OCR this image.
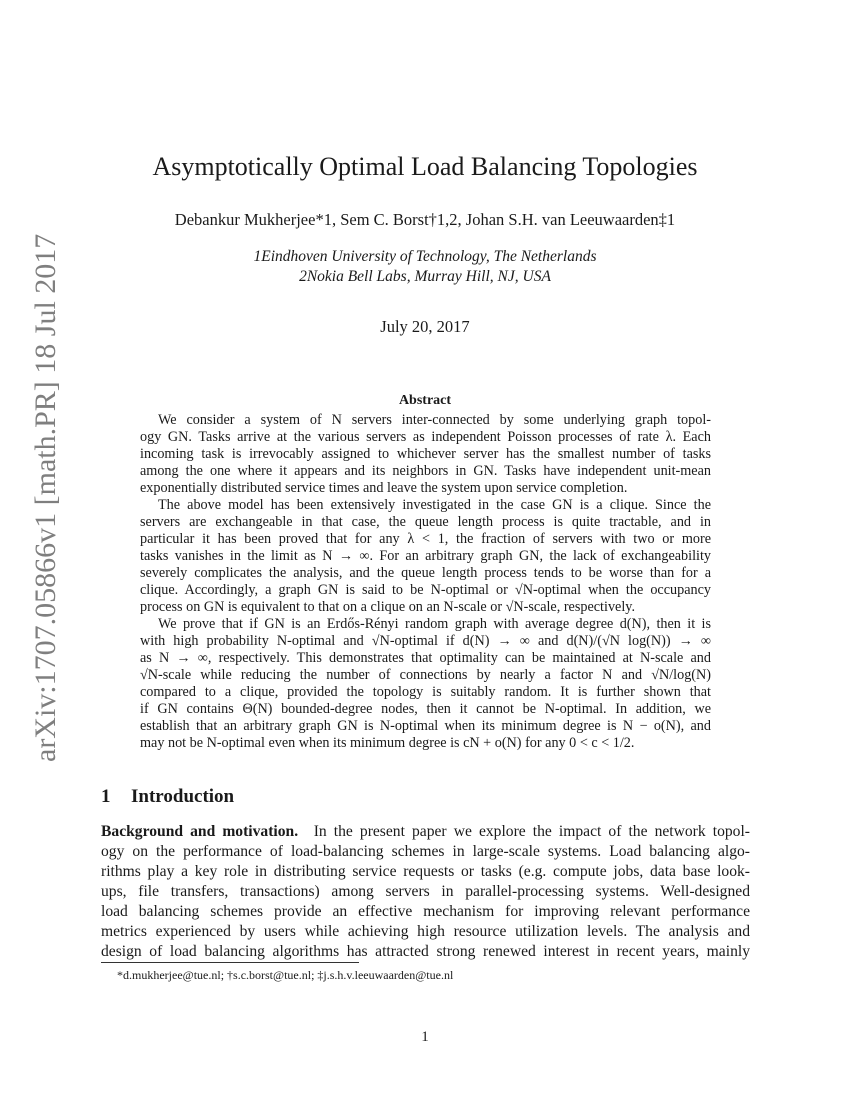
arXiv:1707.05866v1 [math.PR] 18 Jul 2017
Asymptotically Optimal Load Balancing Topologies
Debankur Mukherjee*1, Sem C. Borst†1,2, Johan S.H. van Leeuwaarden‡1
1Eindhoven University of Technology, The Netherlands
2Nokia Bell Labs, Murray Hill, NJ, USA
July 20, 2017
Abstract
We consider a system of N servers inter-connected by some underlying graph topol-
ogy GN. Tasks arrive at the various servers as independent Poisson processes of rate λ. Each
incoming task is irrevocably assigned to whichever server has the smallest number of tasks
among the one where it appears and its neighbors in GN. Tasks have independent unit-mean
exponentially distributed service times and leave the system upon service completion.
The above model has been extensively investigated in the case GN is a clique. Since the
servers are exchangeable in that case, the queue length process is quite tractable, and in
particular it has been proved that for any λ < 1, the fraction of servers with two or more
tasks vanishes in the limit as N → ∞. For an arbitrary graph GN, the lack of exchangeability
severely complicates the analysis, and the queue length process tends to be worse than for a
clique. Accordingly, a graph GN is said to be N-optimal or √N-optimal when the occupancy
process on GN is equivalent to that on a clique on an N-scale or √N-scale, respectively.
We prove that if GN is an Erdős-Rényi random graph with average degree d(N), then it is
with high probability N-optimal and √N-optimal if d(N) → ∞ and d(N)/(√N log(N)) → ∞
as N → ∞, respectively. This demonstrates that optimality can be maintained at N-scale and
√N-scale while reducing the number of connections by nearly a factor N and √N/log(N)
compared to a clique, provided the topology is suitably random. It is further shown that
if GN contains Θ(N) bounded-degree nodes, then it cannot be N-optimal. In addition, we
establish that an arbitrary graph GN is N-optimal when its minimum degree is N − o(N), and
may not be N-optimal even when its minimum degree is cN + o(N) for any 0 < c < 1/2.
1 Introduction
Background and motivation.  In the present paper we explore the impact of the network topol-
ogy on the performance of load-balancing schemes in large-scale systems. Load balancing algo-
rithms play a key role in distributing service requests or tasks (e.g. compute jobs, data base look-
ups, file transfers, transactions) among servers in parallel-processing systems. Well-designed
load balancing schemes provide an effective mechanism for improving relevant performance
metrics experienced by users while achieving high resource utilization levels. The analysis and
design of load balancing algorithms has attracted strong renewed interest in recent years, mainly
*d.mukherjee@tue.nl; †s.c.borst@tue.nl; ‡j.s.h.v.leeuwaarden@tue.nl
1
